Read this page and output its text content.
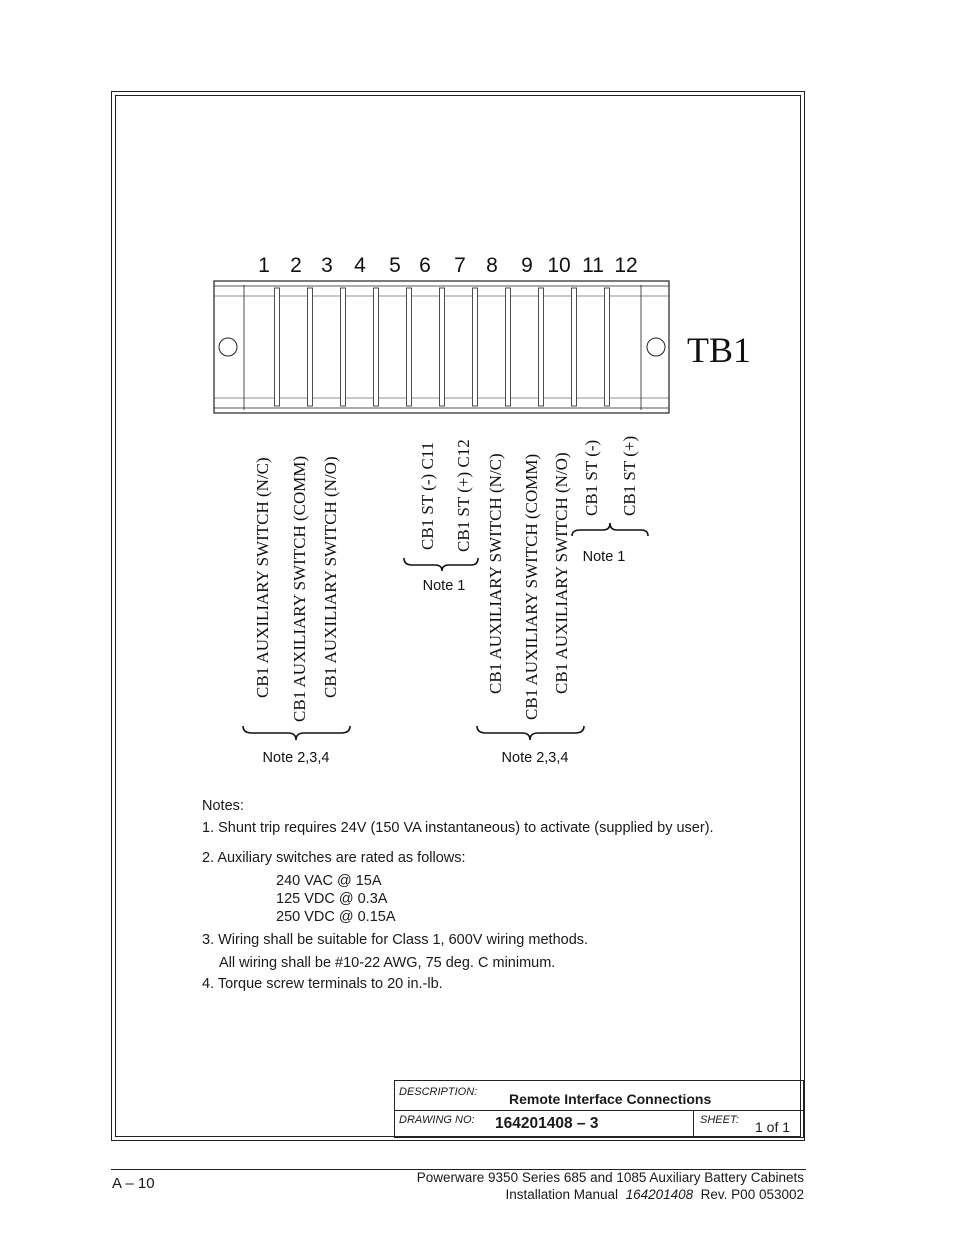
1 2 3 4 5 6 7 8 9 10 11 12
TB1
CB1 AUXILIARY SWITCH (N/C) CB1 AUXILIARY SWITCH (COMM) CB1 AUXILIARY SWITCH (N/O)	CB1 ST (-) C11 CB1 ST (+) C12 CB1 AUXILIARY SWITCH (N/C) CB1 AUXILIARY SWITCH (COMM) CB1 AUXILIARY SWITCH (N/O) CB1 ST (-) CB1 ST (+)
Note 2,3,4
Note 1
Note 2,3,4
Note 1
Notes:
1. Shunt trip requires 24V (150 VA instantaneous) to activate (supplied by user).
2. Auxiliary switches are rated as follows:
240 VAC @ 15A
125 VDC @ 0.3A
250 VDC @ 0.15A
3. Wiring shall be suitable for Class 1, 600V wiring methods.
All wiring shall be #10-22 AWG, 75 deg. C minimum.
4. Torque screw terminals to 20 in.-lb.
DESCRIPTION: Remote Interface Connections
DRAWING NO: 164201408 – 3	SHEET: 1 of 1
A – 10	Powerware 9350 Series 685 and 1085 Auxiliary Battery Cabinets
Installation Manual 164201408 Rev. P00 053002
